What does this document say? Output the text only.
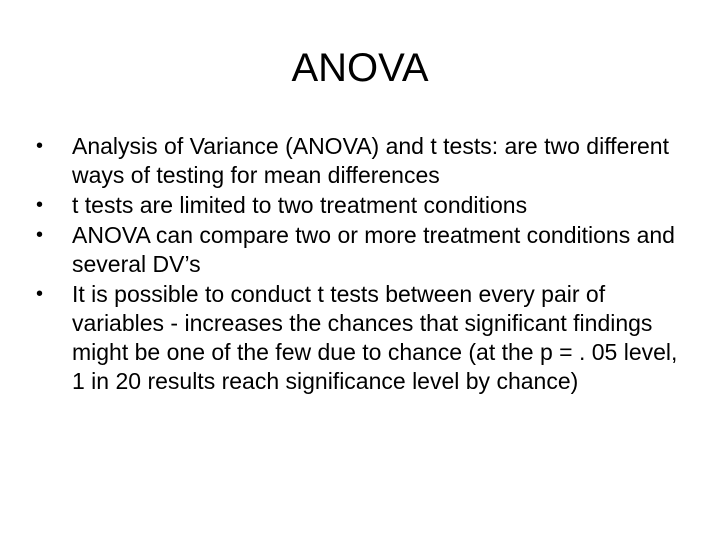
ANOVA
•	Analysis of Variance (ANOVA) and t tests: are two different ways of testing for mean differences
•	t tests are limited to two treatment conditions
•	ANOVA can compare two or more treatment conditions and several DV’s
•	It is possible to conduct t tests between every pair of variables - increases the chances that significant findings might be one of the few due to chance (at the p = . 05 level, 1 in 20 results reach significance level by chance)
